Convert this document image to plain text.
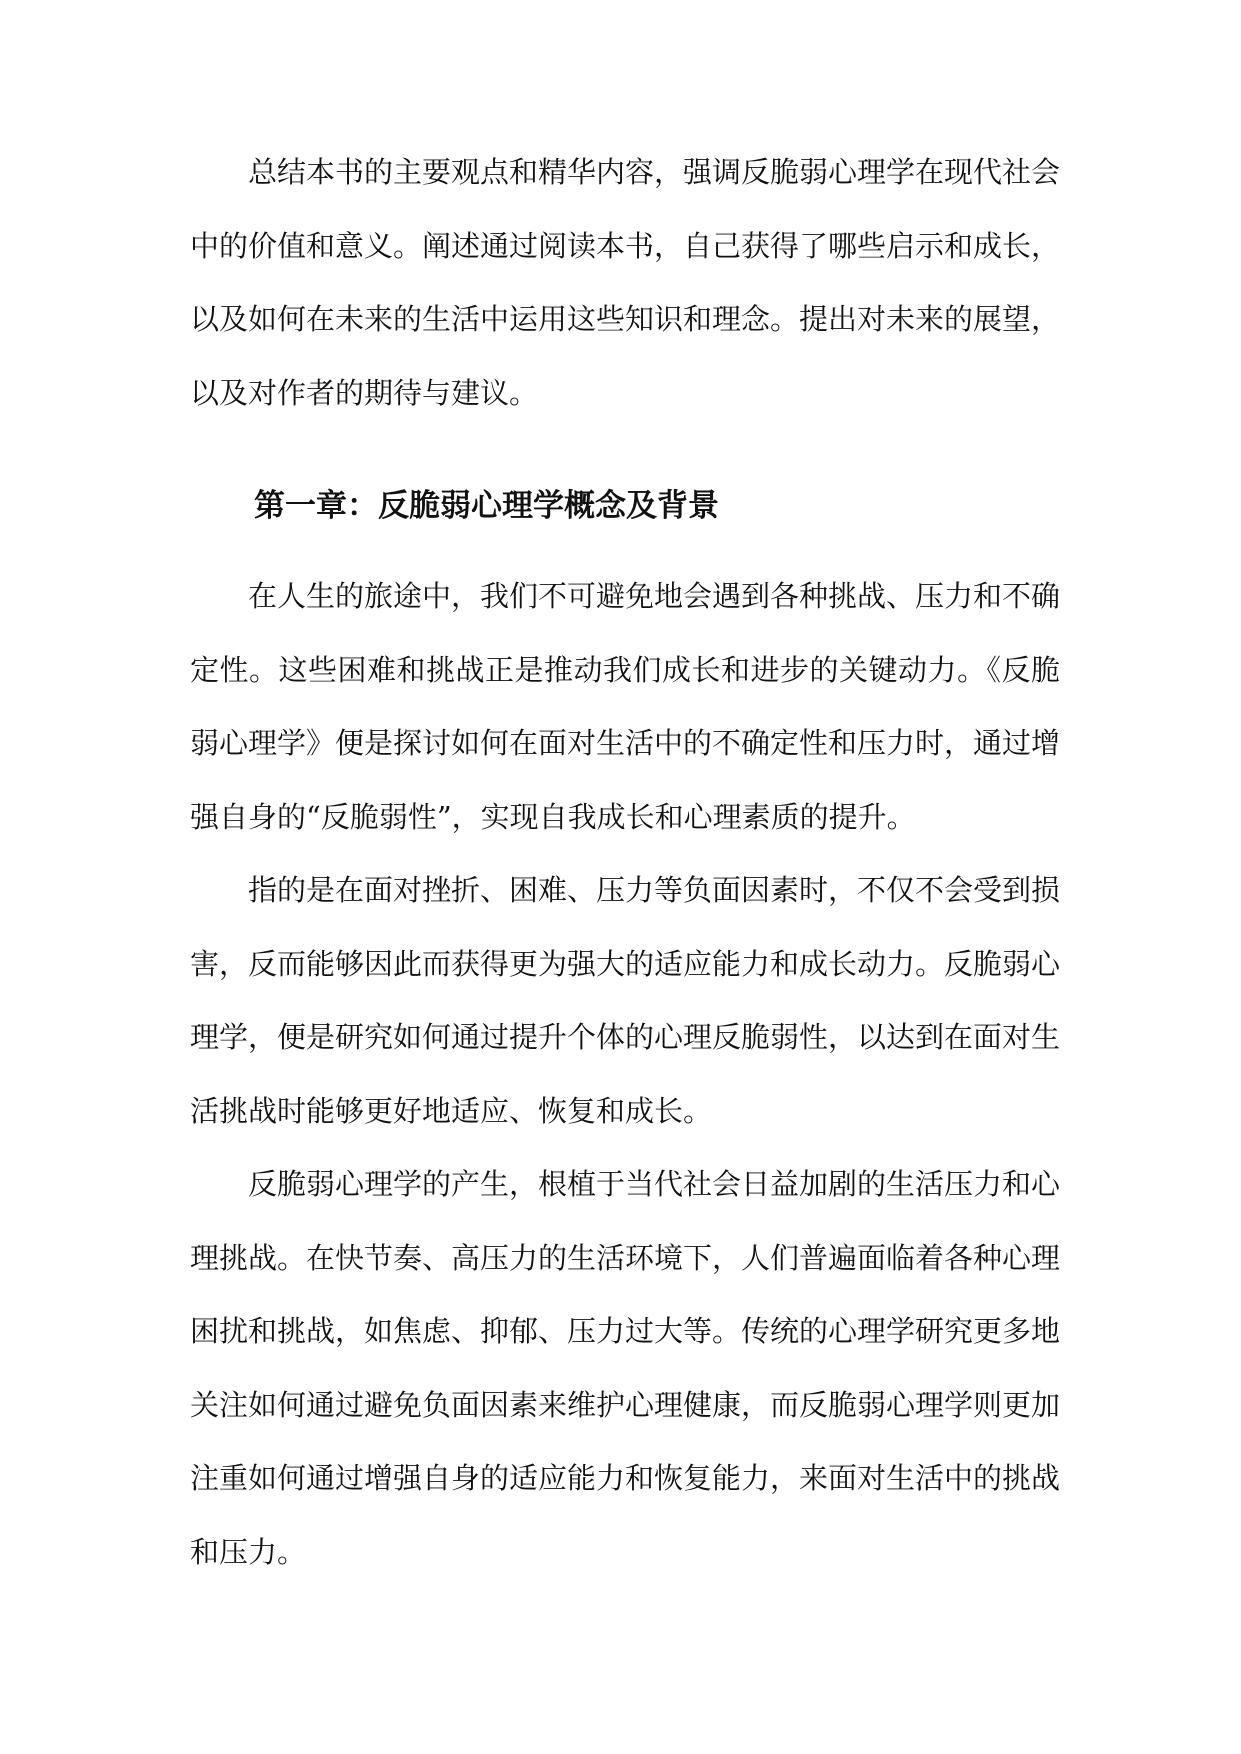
总结本书的主要观点和精华内容，强调反脆弱心理学在现代社会中的价值和意义。阐述通过阅读本书，自己获得了哪些启示和成长，以及如何在未来的生活中运用这些知识和理念。提出对未来的展望，以及对作者的期待与建议。

第一章：反脆弱心理学概念及背景

在人生的旅途中，我们不可避免地会遇到各种挑战、压力和不确定性。这些困难和挑战正是推动我们成长和进步的关键动力。《反脆弱心理学》便是探讨如何在面对生活中的不确定性和压力时，通过增强自身的“反脆弱性”，实现自我成长和心理素质的提升。

指的是在面对挫折、困难、压力等负面因素时，不仅不会受到损害，反而能够因此而获得更为强大的适应能力和成长动力。反脆弱心理学，便是研究如何通过提升个体的心理反脆弱性，以达到在面对生活挑战时能够更好地适应、恢复和成长。

反脆弱心理学的产生，根植于当代社会日益加剧的生活压力和心理挑战。在快节奏、高压力的生活环境下，人们普遍面临着各种心理困扰和挑战，如焦虑、抑郁、压力过大等。传统的心理学研究更多地关注如何通过避免负面因素来维护心理健康，而反脆弱心理学则更加注重如何通过增强自身的适应能力和恢复能力，来面对生活中的挑战和压力。
